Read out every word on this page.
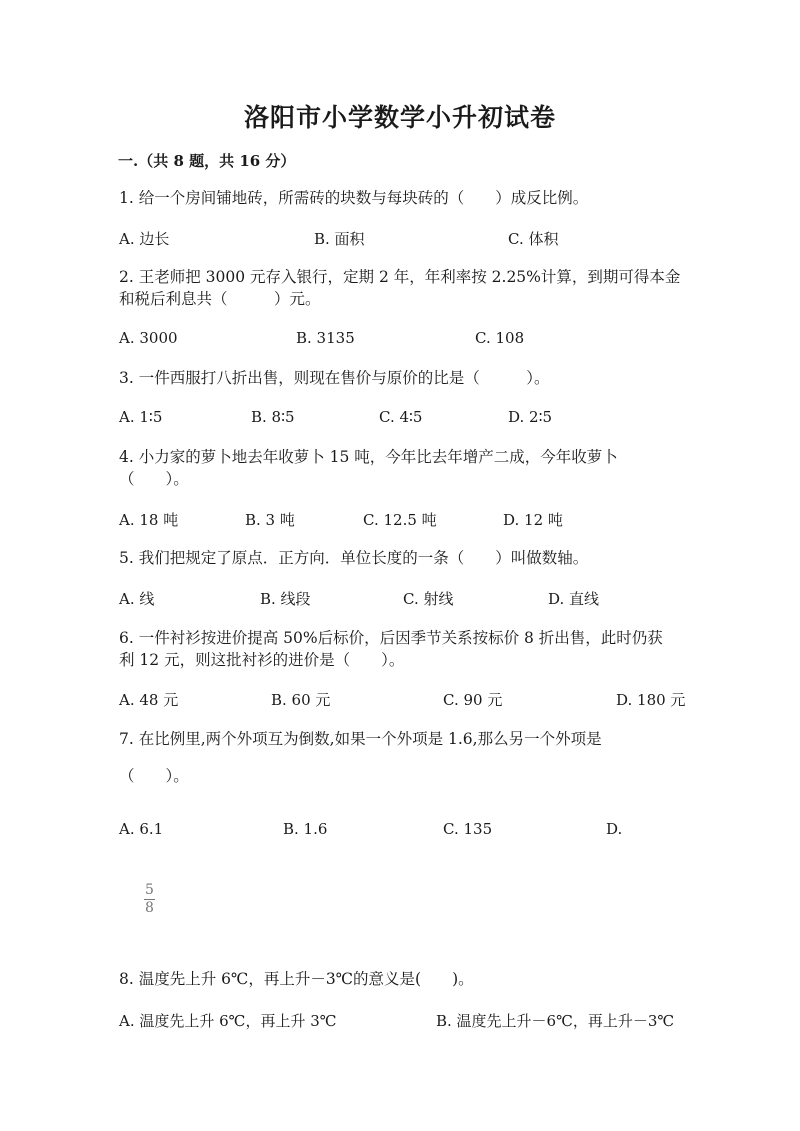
洛阳市小学数学小升初试卷
一.（共 8 题，共 16 分）
1. 给一个房间铺地砖，所需砖的块数与每块砖的（　　）成反比例。
A. 边长	B. 面积	C. 体积
2. 王老师把 3000 元存入银行，定期 2 年，年利率按 2.25%计算，到期可得本金
和税后利息共（　　　）元。
A. 3000	B. 3135	C. 108
3. 一件西服打八折出售，则现在售价与原价的比是（　　　）。
A. 1∶5	B. 8∶5	C. 4∶5	D. 2∶5
4. 小力家的萝卜地去年收萝卜 15 吨，今年比去年增产二成，今年收萝卜
（　　）。
A. 18 吨	B. 3 吨	C. 12.5 吨	D. 12 吨
5. 我们把规定了原点．正方向．单位长度的一条（　　）叫做数轴。
A. 线	B. 线段	C. 射线	D. 直线
6. 一件衬衫按进价提高 50%后标价，后因季节关系按标价 8 折出售，此时仍获
利 12 元，则这批衬衫的进价是（　　）。
A. 48 元	B. 60 元	C. 90 元	D. 180 元
7. 在比例里,两个外项互为倒数,如果一个外项是 1.6,那么另一个外项是
（　　）。
A. 6.1	B. 1.6	C. 135	D.
5
8
8. 温度先上升 6℃，再上升－3℃的意义是(　　)。
A. 温度先上升 6℃，再上升 3℃	B. 温度先上升－6℃，再上升－3℃
